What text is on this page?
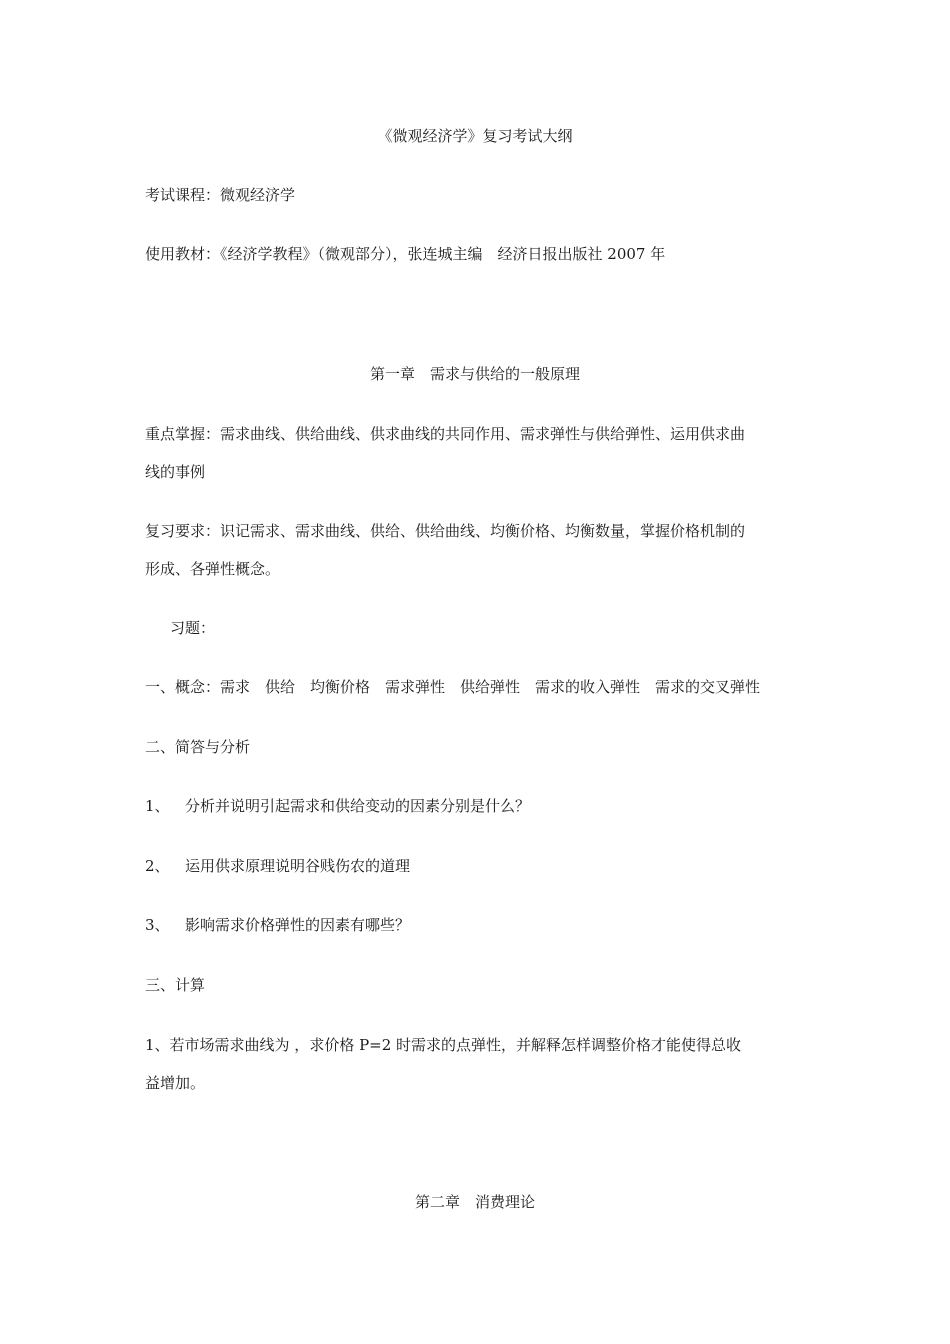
《微观经济学》复习考试大纲
考试课程：微观经济学
使用教材：《经济学教程》（微观部分），张连城主编　经济日报出版社 2007 年
第一章　需求与供给的一般原理
重点掌握：需求曲线、供给曲线、供求曲线的共同作用、需求弹性与供给弹性、运用供求曲
线的事例
复习要求：识记需求、需求曲线、供给、供给曲线、均衡价格、均衡数量，掌握价格机制的
形成、各弹性概念。
习题：
一、概念：需求　供给　均衡价格　需求弹性　供给弹性　需求的收入弹性　需求的交叉弹性
二、简答与分析
1、 分析并说明引起需求和供给变动的因素分别是什么？
2、 运用供求原理说明谷贱伤农的道理
3、 影响需求价格弹性的因素有哪些？
三、计算
1、若市场需求曲线为 ，求价格 P=2 时需求的点弹性，并解释怎样调整价格才能使得总收
益增加。
第二章　消费理论
